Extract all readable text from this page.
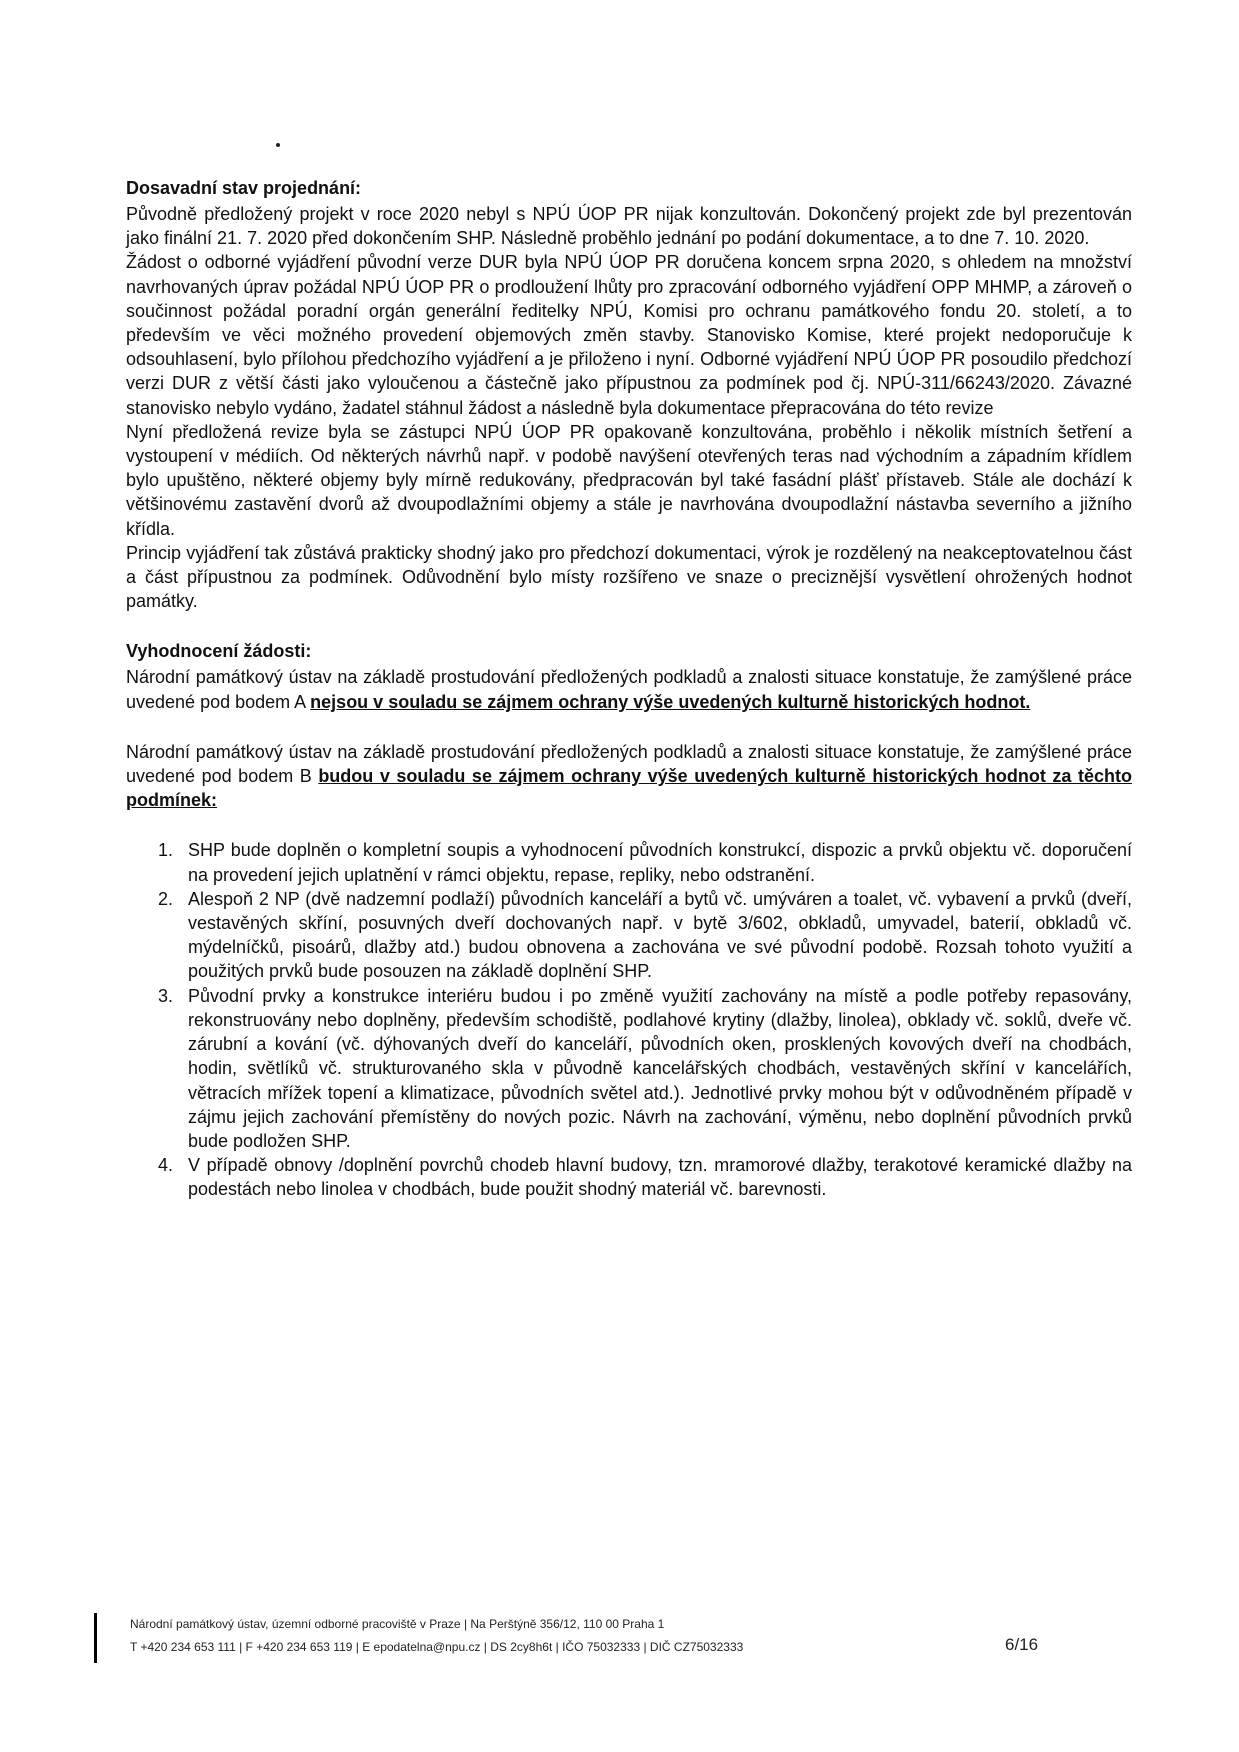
Dosavadní stav projednání:

Původně předložený projekt v roce 2020 nebyl s NPÚ ÚOP PR nijak konzultován. Dokončený projekt zde byl prezentován jako finální 21. 7. 2020 před dokončením SHP. Následně proběhlo jednání po podání dokumentace, a to dne 7. 10. 2020.

Žádost o odborné vyjádření původní verze DUR byla NPÚ ÚOP PR doručena koncem srpna 2020, s ohledem na množství navrhovaných úprav požádal NPÚ ÚOP PR o prodloužení lhůty pro zpracování odborného vyjádření OPP MHMP, a zároveň o součinnost požádal poradní orgán generální ředitelky NPÚ, Komisi pro ochranu památkového fondu 20. století, a to především ve věci možného provedení objemových změn stavby. Stanovisko Komise, které projekt nedoporučuje k odsouhlasení, bylo přílohou předchozího vyjádření a je přiloženo i nyní. Odborné vyjádření NPÚ ÚOP PR posoudilo předchozí verzi DUR z větší části jako vyloučenou a částečně jako přípustnou za podmínek pod čj. NPÚ-311/66243/2020. Závazné stanovisko nebylo vydáno, žadatel stáhnul žádost a následně byla dokumentace přepracována do této revize

Nyní předložená revize byla se zástupci NPÚ ÚOP PR opakovaně konzultována, proběhlo i několik místních šetření a vystoupení v médiích. Od některých návrhů např. v podobě navýšení otevřených teras nad východním a západním křídlem bylo upuštěno, některé objemy byly mírně redukovány, předpracován byl také fasádní plášť přístaveb. Stále ale dochází k většinovému zastavění dvorů až dvoupodlažními objemy a stále je navrhována dvoupodlažní nástavba severního a jižního křídla.

Princip vyjádření tak zůstává prakticky shodný jako pro předchozí dokumentaci, výrok je rozdělený na neakceptovatelnou část a část přípustnou za podmínek. Odůvodnění bylo místy rozšířeno ve snaze o preciznější vysvětlení ohrožených hodnot památky.

Vyhodnocení žádosti:

Národní památkový ústav na základě prostudování předložených podkladů a znalosti situace konstatuje, že zamýšlené práce uvedené pod bodem A nejsou v souladu se zájmem ochrany výše uvedených kulturně historických hodnot.

Národní památkový ústav na základě prostudování předložených podkladů a znalosti situace konstatuje, že zamýšlené práce uvedené pod bodem B budou v souladu se zájmem ochrany výše uvedených kulturně historických hodnot za těchto podmínek:

1. SHP bude doplněn o kompletní soupis a vyhodnocení původních konstrukcí, dispozic a prvků objektu vč. doporučení na provedení jejich uplatnění v rámci objektu, repase, repliky, nebo odstranění.
2. Alespoň 2 NP (dvě nadzemní podlaží) původních kanceláří a bytů vč. umýváren a toalet, vč. vybavení a prvků (dveří, vestavěných skříní, posuvných dveří dochovaných např. v bytě 3/602, obkladů, umyvadel, baterií, obkladů vč. mýdelníčků, pisoárů, dlažby atd.) budou obnovena a zachována ve své původní podobě. Rozsah tohoto využití a použitých prvků bude posouzen na základě doplnění SHP.
3. Původní prvky a konstrukce interiéru budou i po změně využití zachovány na místě a podle potřeby repasovány, rekonstruovány nebo doplněny, především schodiště, podlahové krytiny (dlažby, linolea), obklady vč. soklů, dveře vč. zárubní a kování (vč. dýhovaných dveří do kanceláří, původních oken, prosklených kovových dveří na chodbách, hodin, světlíků vč. strukturovaného skla v původně kancelářských chodbách, vestavěných skříní v kancelářích, větracích mřížek topení a klimatizace, původních světel atd.). Jednotlivé prvky mohou být v odůvodněném případě v zájmu jejich zachování přemístěny do nových pozic. Návrh na zachování, výměnu, nebo doplnění původních prvků bude podložen SHP.
4. V případě obnovy /doplnění povrchů chodeb hlavní budovy, tzn. mramorové dlažby, terakotové keramické dlažby na podestách nebo linolea v chodbách, bude použit shodný materiál vč. barevnosti.
Národní památkový ústav, územní odborné pracoviště v Praze | Na Perštýně 356/12, 110 00 Praha 1
T +420 234 653 111 | F +420 234 653 119 | E epodatelna@npu.cz | DS 2cy8h6t | IČO 75032333 | DIČ CZ75032333	6/16
